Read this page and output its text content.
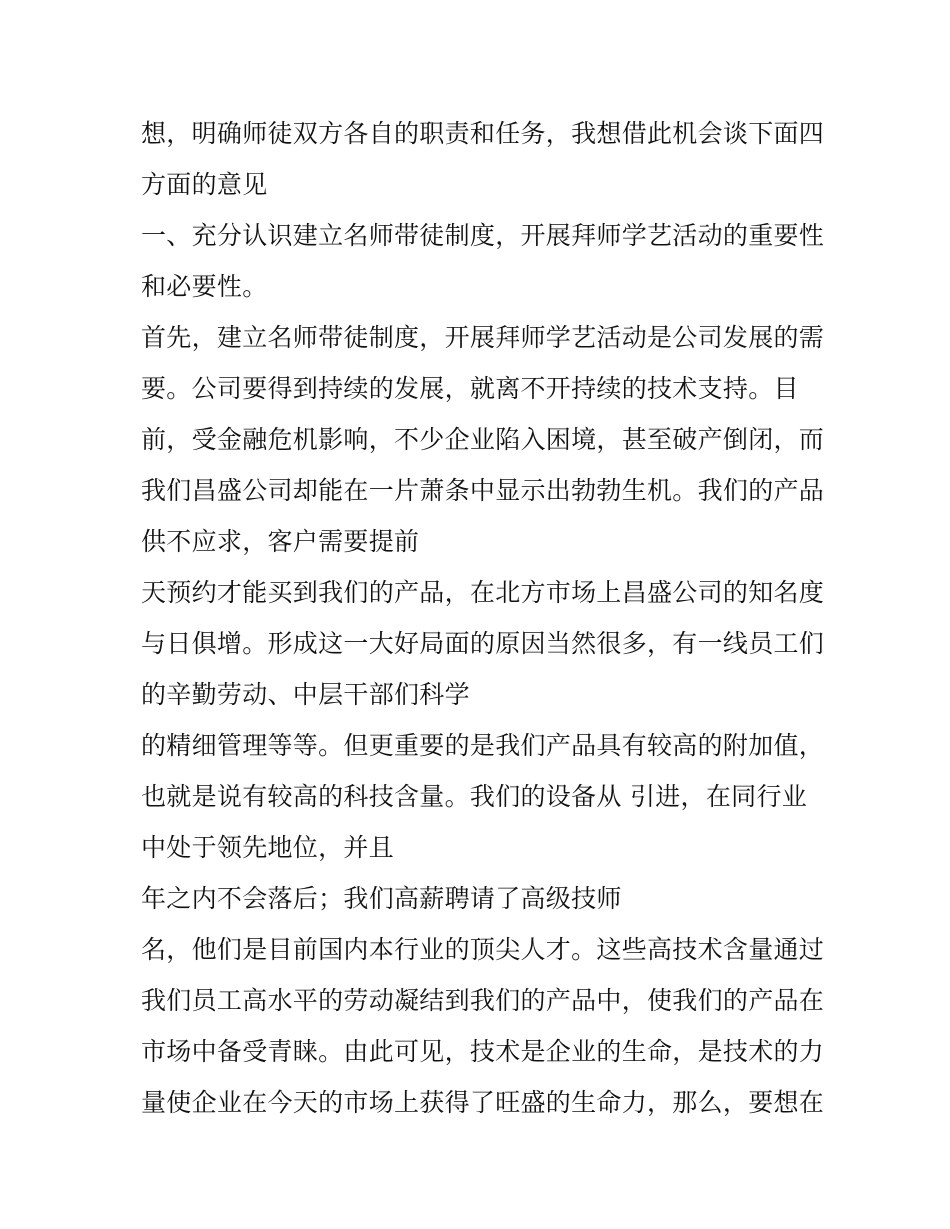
想，明确师徒双方各自的职责和任务，我想借此机会谈下面四
方面的意见
一、充分认识建立名师带徒制度，开展拜师学艺活动的重要性
和必要性。
首先，建立名师带徒制度，开展拜师学艺活动是公司发展的需
要。公司要得到持续的发展，就离不开持续的技术支持。目
前，受金融危机影响，不少企业陷入困境，甚至破产倒闭，而
我们昌盛公司却能在一片萧条中显示出勃勃生机。我们的产品
供不应求，客户需要提前
天预约才能买到我们的产品，在北方市场上昌盛公司的知名度
与日俱增。形成这一大好局面的原因当然很多，有一线员工们
的辛勤劳动、中层干部们科学
的精细管理等等。但更重要的是我们产品具有较高的附加值，
也就是说有较高的科技含量。我们的设备从 引进，在同行业
中处于领先地位，并且
年之内不会落后；我们高薪聘请了高级技师
名，他们是目前国内本行业的顶尖人才。这些高技术含量通过
我们员工高水平的劳动凝结到我们的产品中，使我们的产品在
市场中备受青睐。由此可见，技术是企业的生命，是技术的力
量使企业在今天的市场上获得了旺盛的生命力，那么，要想在
